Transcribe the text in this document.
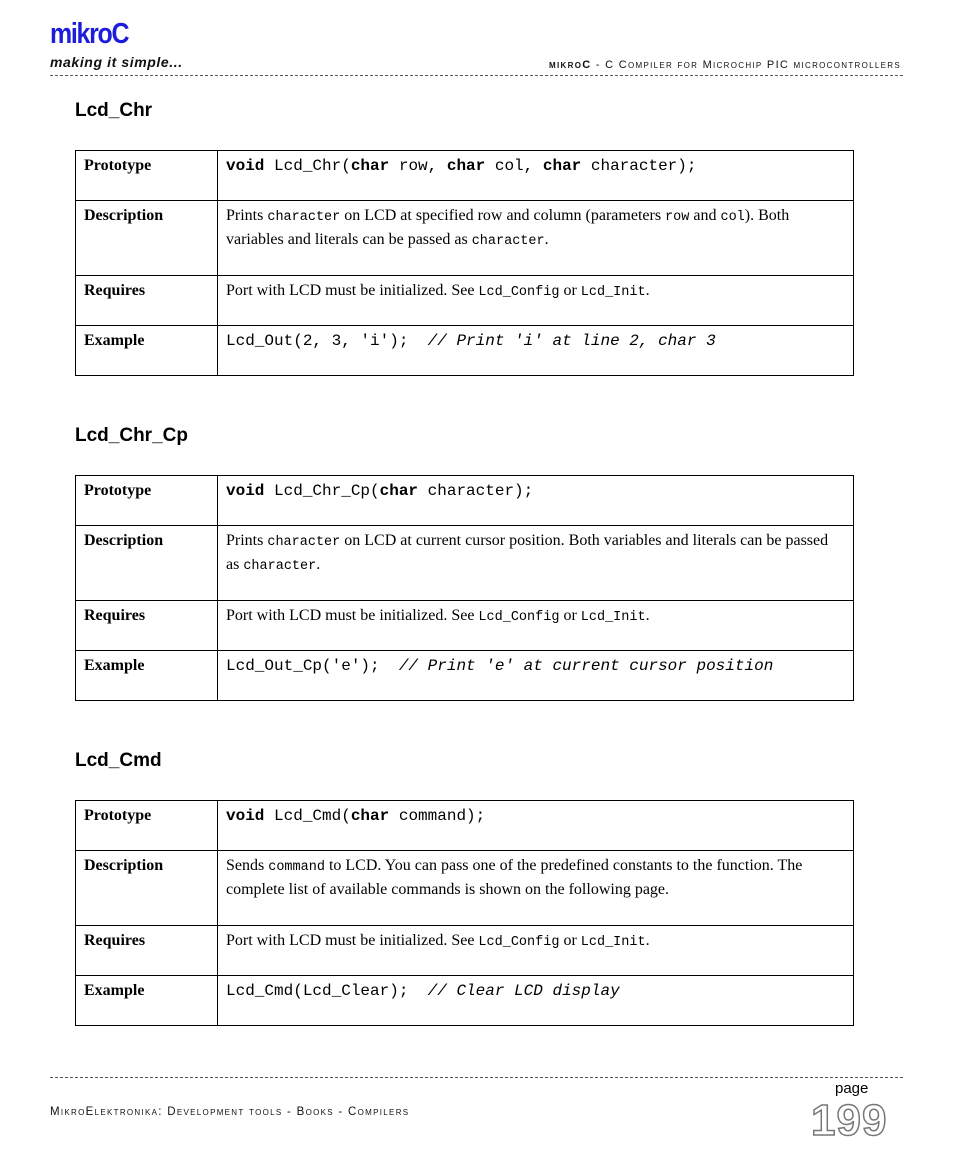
mikroC
making it simple...	mikroC - C Compiler for Microchip PIC microcontrollers
Lcd_Chr
Prototype	void Lcd_Chr(char row, char col, char character);
Description	Prints character on LCD at specified row and column (parameters row and col). Both variables and literals can be passed as character.
Requires	Port with LCD must be initialized. See Lcd_Config or Lcd_Init.
Example	Lcd_Out(2, 3, 'i');  // Print 'i' at line 2, char 3
Lcd_Chr_Cp
Prototype	void Lcd_Chr_Cp(char character);
Description	Prints character on LCD at current cursor position. Both variables and literals can be passed as character.
Requires	Port with LCD must be initialized. See Lcd_Config or Lcd_Init.
Example	Lcd_Out_Cp('e');  // Print 'e' at current cursor position
Lcd_Cmd
Prototype	void Lcd_Cmd(char command);
Description	Sends command to LCD. You can pass one of the predefined constants to the function. The complete list of available commands is shown on the following page.
Requires	Port with LCD must be initialized. See Lcd_Config or Lcd_Init.
Example	Lcd_Cmd(Lcd_Clear);  // Clear LCD display
page
MikroElektronika: Development tools - Books - Compilers	199
